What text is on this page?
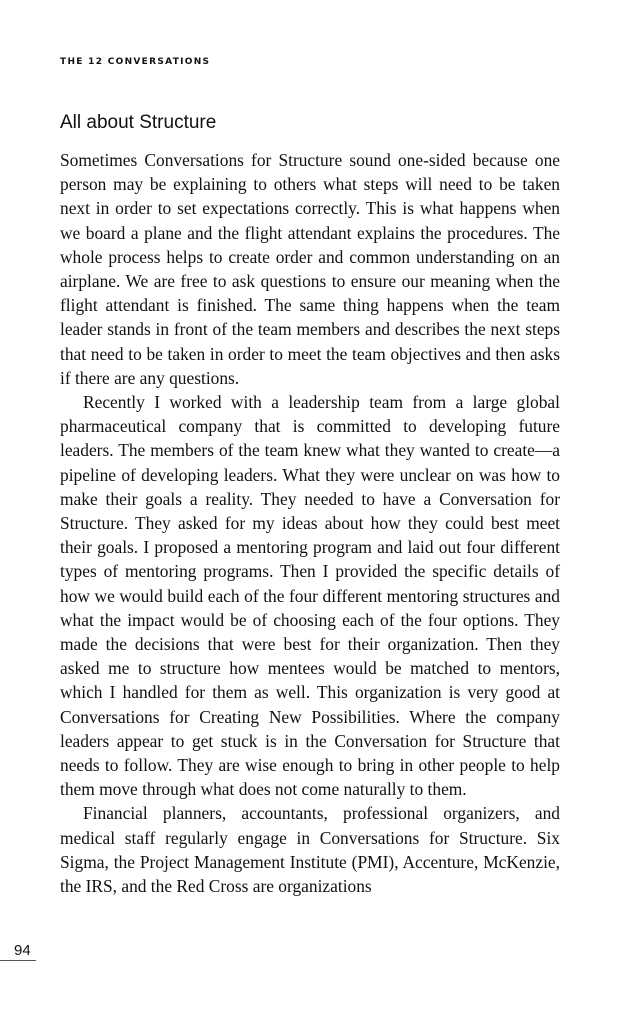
THE 12 CONVERSATIONS
All about Structure

Sometimes Conversations for Structure sound one-sided because one person may be explaining to others what steps will need to be taken next in order to set expectations correctly. This is what happens when we board a plane and the flight attendant explains the procedures. The whole process helps to create order and common understanding on an airplane. We are free to ask questions to ensure our meaning when the flight attendant is finished. The same thing happens when the team leader stands in front of the team members and describes the next steps that need to be taken in order to meet the team objectives and then asks if there are any questions.

Recently I worked with a leadership team from a large global pharmaceutical company that is committed to developing future leaders. The members of the team knew what they wanted to create—a pipeline of developing leaders. What they were unclear on was how to make their goals a reality. They needed to have a Conversation for Structure. They asked for my ideas about how they could best meet their goals. I proposed a mentoring program and laid out four different types of mentoring programs. Then I provided the specific details of how we would build each of the four different mentoring structures and what the impact would be of choosing each of the four options. They made the decisions that were best for their organization. Then they asked me to structure how mentees would be matched to mentors, which I handled for them as well. This organization is very good at Conversations for Creating New Possibilities. Where the company leaders appear to get stuck is in the Conversation for Structure that needs to follow. They are wise enough to bring in other people to help them move through what does not come naturally to them.

Financial planners, accountants, professional organizers, and medical staff regularly engage in Conversations for Structure. Six Sigma, the Project Management Institute (PMI), Accenture, McKenzie, the IRS, and the Red Cross are organizations

94
